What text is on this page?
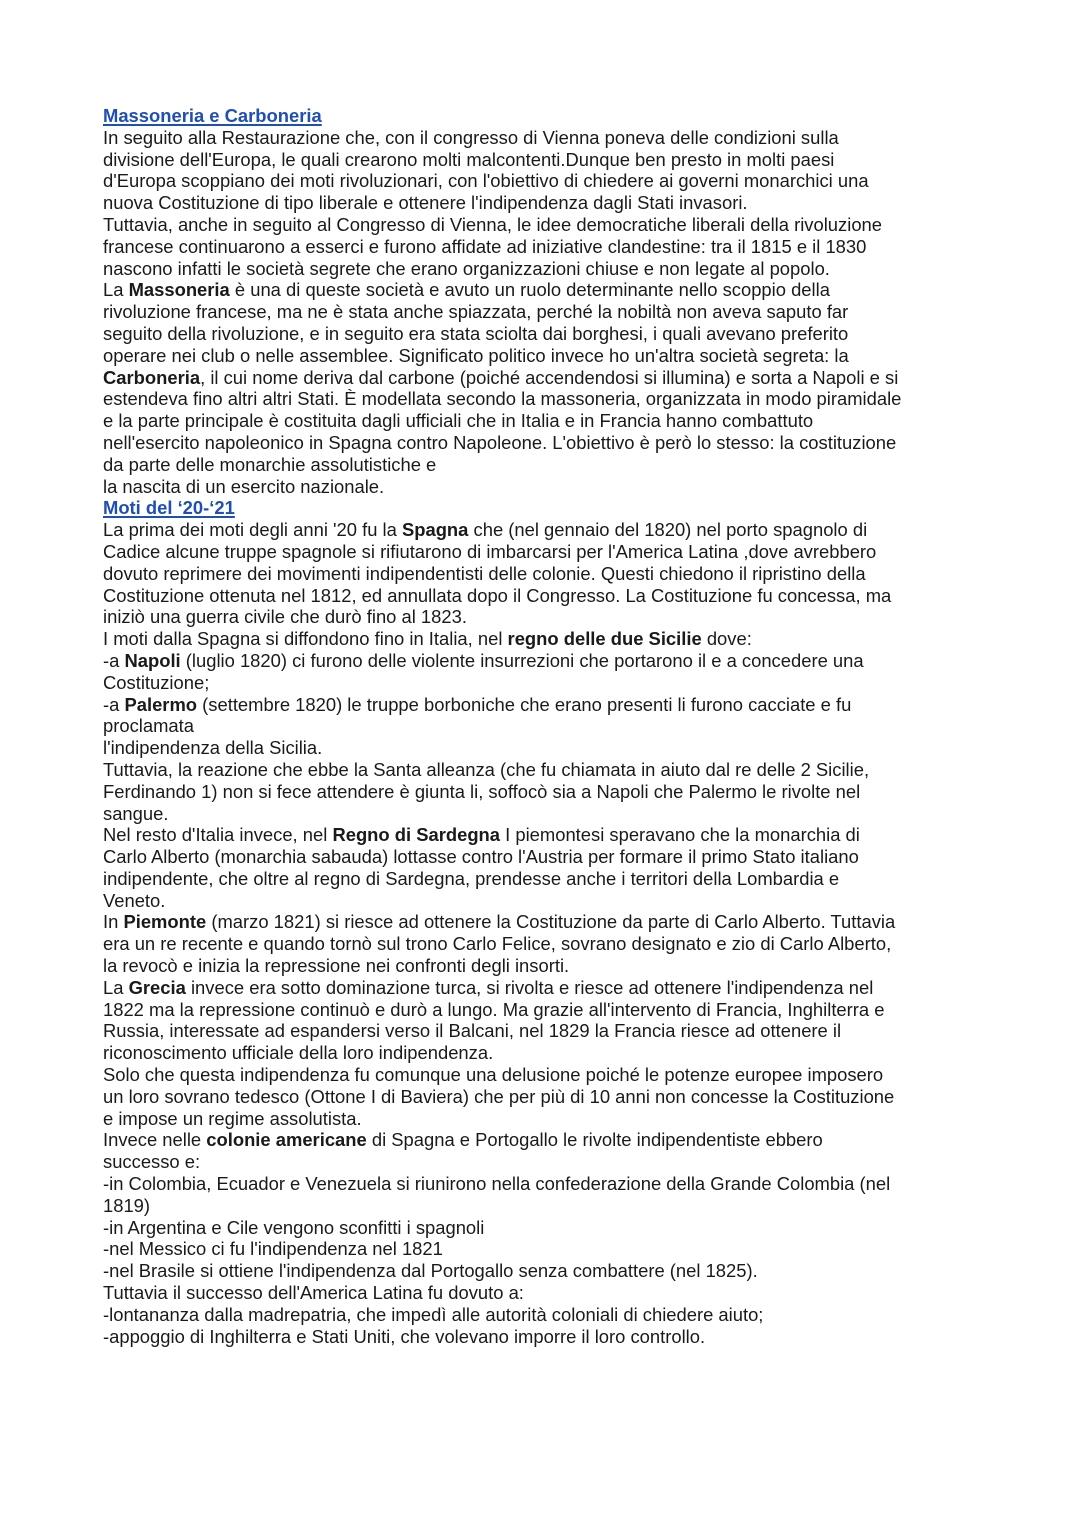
Massoneria e Carboneria
In seguito alla Restaurazione che, con il congresso di Vienna poneva delle condizioni sulla
divisione dell'Europa, le quali crearono molti malcontenti.Dunque ben presto in molti paesi
d'Europa scoppiano dei moti rivoluzionari, con l'obiettivo di chiedere ai governi monarchici una
nuova Costituzione di tipo liberale e ottenere l'indipendenza dagli Stati invasori.
Tuttavia, anche in seguito al Congresso di Vienna, le idee democratiche liberali della rivoluzione
francese continuarono a esserci e furono affidate ad iniziative clandestine: tra il 1815 e il 1830
nascono infatti le società segrete che erano organizzazioni chiuse e non legate al popolo.
La Massoneria è una di queste società e avuto un ruolo determinante nello scoppio della
rivoluzione francese, ma ne è stata anche spiazzata, perché la nobiltà non aveva saputo far
seguito della rivoluzione, e in seguito era stata sciolta dai borghesi, i quali avevano preferito
operare nei club o nelle assemblee. Significato politico invece ho un'altra società segreta: la
Carboneria, il cui nome deriva dal carbone (poiché accendendosi si illumina) e sorta a Napoli e si
estendeva fino altri altri Stati. È modellata secondo la massoneria, organizzata in modo piramidale
e la parte principale è costituita dagli ufficiali che in Italia e in Francia hanno combattuto
nell'esercito napoleonico in Spagna contro Napoleone. L'obiettivo è però lo stesso: la costituzione
da parte delle monarchie assolutistiche e
la nascita di un esercito nazionale.
Moti del ‘20-‘21
La prima dei moti degli anni '20 fu la Spagna che (nel gennaio del 1820) nel porto spagnolo di
Cadice alcune truppe spagnole si rifiutarono di imbarcarsi per l'America Latina ,dove avrebbero
dovuto reprimere dei movimenti indipendentisti delle colonie. Questi chiedono il ripristino della
Costituzione ottenuta nel 1812, ed annullata dopo il Congresso. La Costituzione fu concessa, ma
iniziò una guerra civile che durò fino al 1823.
I moti dalla Spagna si diffondono fino in Italia, nel regno delle due Sicilie dove:
-a Napoli (luglio 1820) ci furono delle violente insurrezioni che portarono il e a concedere una
Costituzione;
-a Palermo (settembre 1820) le truppe borboniche che erano presenti li furono cacciate e fu
proclamata
l'indipendenza della Sicilia.
Tuttavia, la reazione che ebbe la Santa alleanza (che fu chiamata in aiuto dal re delle 2 Sicilie,
Ferdinando 1) non si fece attendere è giunta li, soffocò sia a Napoli che Palermo le rivolte nel
sangue.
Nel resto d'Italia invece, nel Regno di Sardegna I piemontesi speravano che la monarchia di
Carlo Alberto (monarchia sabauda) lottasse contro l'Austria per formare il primo Stato italiano
indipendente, che oltre al regno di Sardegna, prendesse anche i territori della Lombardia e
Veneto.
In Piemonte (marzo 1821) si riesce ad ottenere la Costituzione da parte di Carlo Alberto. Tuttavia
era un re recente e quando tornò sul trono Carlo Felice, sovrano designato e zio di Carlo Alberto,
la revocò e inizia la repressione nei confronti degli insorti.
La Grecia invece era sotto dominazione turca, si rivolta e riesce ad ottenere l'indipendenza nel
1822 ma la repressione continuò e durò a lungo. Ma grazie all'intervento di Francia, Inghilterra e
Russia, interessate ad espandersi verso il Balcani, nel 1829 la Francia riesce ad ottenere il
riconoscimento ufficiale della loro indipendenza.
Solo che questa indipendenza fu comunque una delusione poiché le potenze europee imposero
un loro sovrano tedesco (Ottone I di Baviera) che per più di 10 anni non concesse la Costituzione
e impose un regime assolutista.
Invece nelle colonie americane di Spagna e Portogallo le rivolte indipendentiste ebbero
successo e:
-in Colombia, Ecuador e Venezuela si riunirono nella confederazione della Grande Colombia (nel
1819)
-in Argentina e Cile vengono sconfitti i spagnoli
-nel Messico ci fu l'indipendenza nel 1821
-nel Brasile si ottiene l'indipendenza dal Portogallo senza combattere (nel 1825).
Tuttavia il successo dell'America Latina fu dovuto a:
-lontananza dalla madrepatria, che impedì alle autorità coloniali di chiedere aiuto;
-appoggio di Inghilterra e Stati Uniti, che volevano imporre il loro controllo.
